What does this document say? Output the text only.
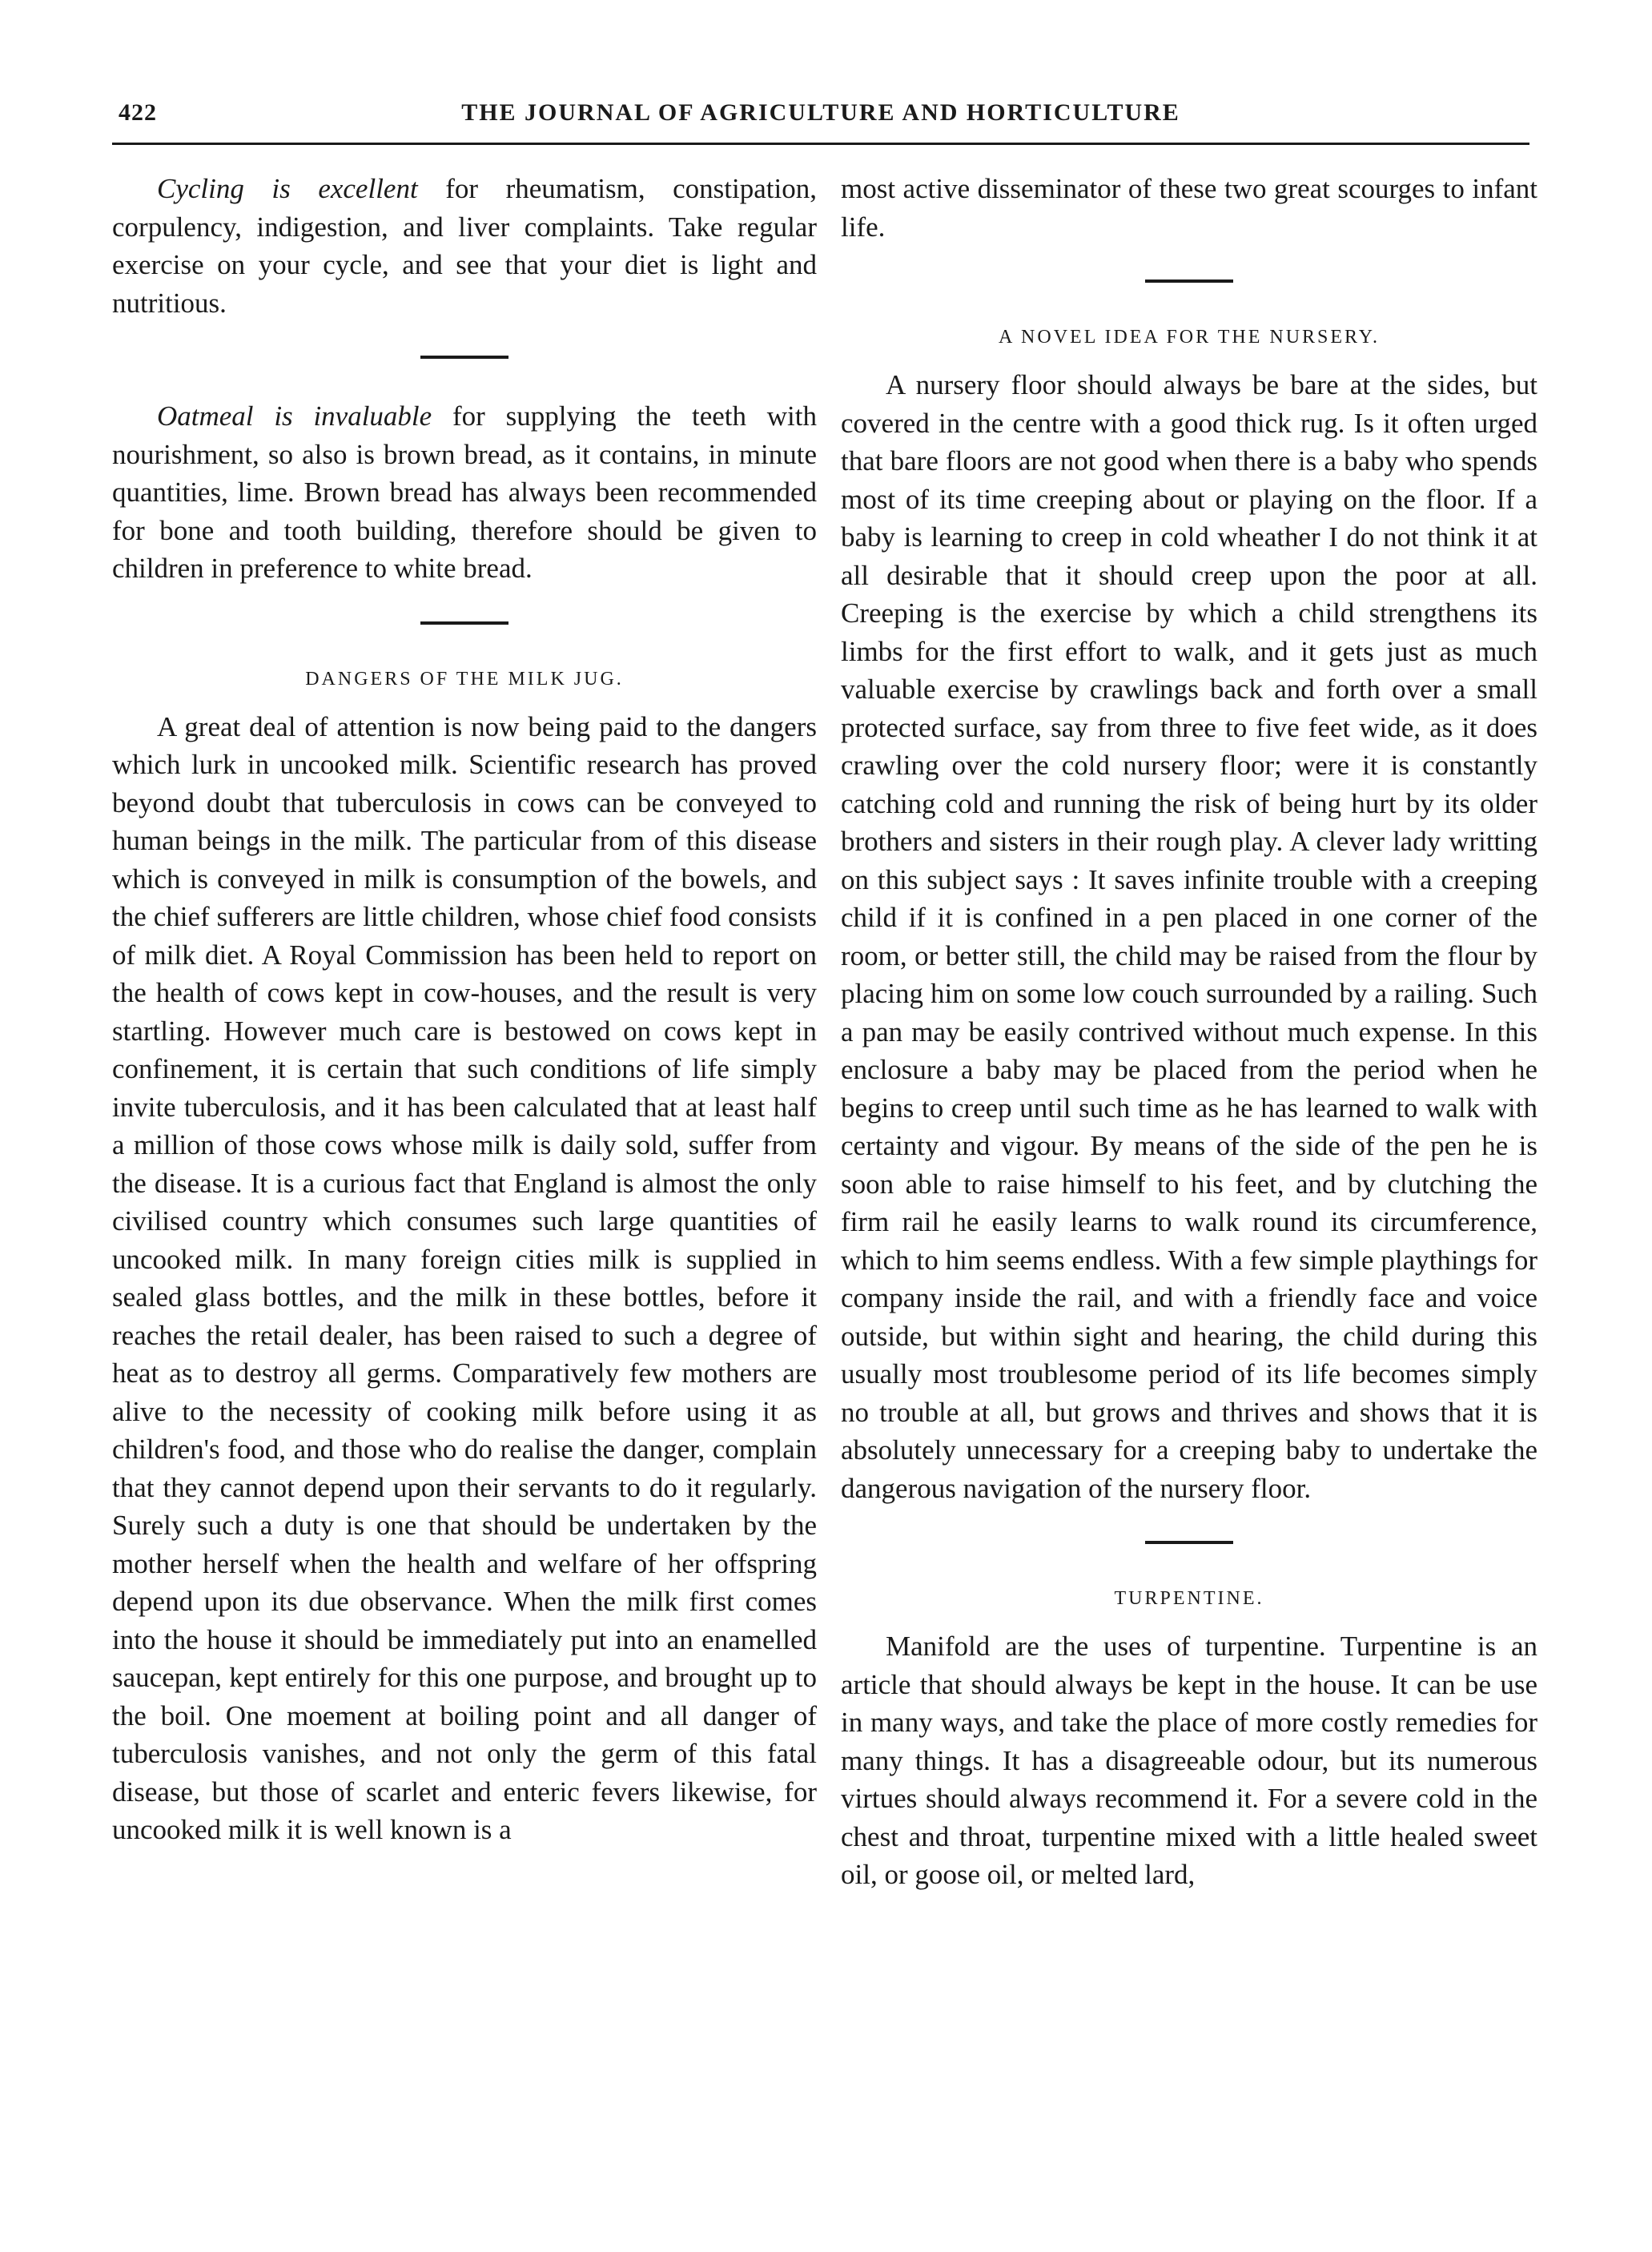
422	THE JOURNAL OF AGRICULTURE AND HORTICULTURE

Cycling is excellent for rheumatism, constipation, corpulency, indigestion, and liver complaints. Take regular exercise on your cycle, and see that your diet is light and nutritious.

Oatmeal is invaluable for supplying the teeth with nourishment, so also is brown bread, as it contains, in minute quantities, lime. Brown bread has always been recommended for bone and tooth building, therefore should be given to children in preference to white bread.

DANGERS OF THE MILK JUG.

A great deal of attention is now being paid to the dangers which lurk in uncooked milk. Scientific research has proved beyond doubt that tuberculosis in cows can be conveyed to human beings in the milk. The particular from of this disease which is conveyed in milk is consumption of the bowels, and the chief sufferers are little children, whose chief food consists of milk diet. A Royal Commission has been held to report on the health of cows kept in cow-houses, and the result is very startling. However much care is bestowed on cows kept in confinement, it is certain that such conditions of life simply invite tuberculosis, and it has been calculated that at least half a million of those cows whose milk is daily sold, suffer from the disease. It is a curious fact that England is almost the only civilised country which consumes such large quantities of uncooked milk. In many foreign cities milk is supplied in sealed glass bottles, and the milk in these bottles, before it reaches the retail dealer, has been raised to such a degree of heat as to destroy all germs. Comparatively few mothers are alive to the necessity of cooking milk before using it as children's food, and those who do realise the danger, complain that they cannot depend upon their servants to do it regularly. Surely such a duty is one that should be undertaken by the mother herself when the health and welfare of her offspring depend upon its due observance. When the milk first comes into the house it should be immediately put into an enamelled saucepan, kept entirely for this one purpose, and brought up to the boil. One moement at boiling point and all danger of tuberculosis vanishes, and not only the germ of this fatal disease, but those of scarlet and enteric fevers likewise, for uncooked milk it is well known is a

most active disseminator of these two great scourges to infant life.

A NOVEL IDEA FOR THE NURSERY.

A nursery floor should always be bare at the sides, but covered in the centre with a good thick rug. Is it often urged that bare floors are not good when there is a baby who spends most of its time creeping about or playing on the floor. If a baby is learning to creep in cold wheather I do not think it at all desirable that it should creep upon the poor at all. Creeping is the exercise by which a child strengthens its limbs for the first effort to walk, and it gets just as much valuable exercise by crawlings back and forth over a small protected surface, say from three to five feet wide, as it does crawling over the cold nursery floor; were it is constantly catching cold and running the risk of being hurt by its older brothers and sisters in their rough play. A clever lady writting on this subject says : It saves infinite trouble with a creeping child if it is confined in a pen placed in one corner of the room, or better still, the child may be raised from the flour by placing him on some low couch surrounded by a railing. Such a pan may be easily contrived without much expense. In this enclosure a baby may be placed from the period when he begins to creep until such time as he has learned to walk with certainty and vigour. By means of the side of the pen he is soon able to raise himself to his feet, and by clutching the firm rail he easily learns to walk round its circumference, which to him seems endless. With a few simple playthings for company inside the rail, and with a friendly face and voice outside, but within sight and hearing, the child during this usually most troublesome period of its life becomes simply no trouble at all, but grows and thrives and shows that it is absolutely unnecessary for a creeping baby to undertake the dangerous navigation of the nursery floor.

TURPENTINE.

Manifold are the uses of turpentine. Turpentine is an article that should always be kept in the house. It can be use in many ways, and take the place of more costly remedies for many things. It has a disagreeable odour, but its numerous virtues should always recommend it. For a severe cold in the chest and throat, turpentine mixed with a little healed sweet oil, or goose oil, or melted lard,
